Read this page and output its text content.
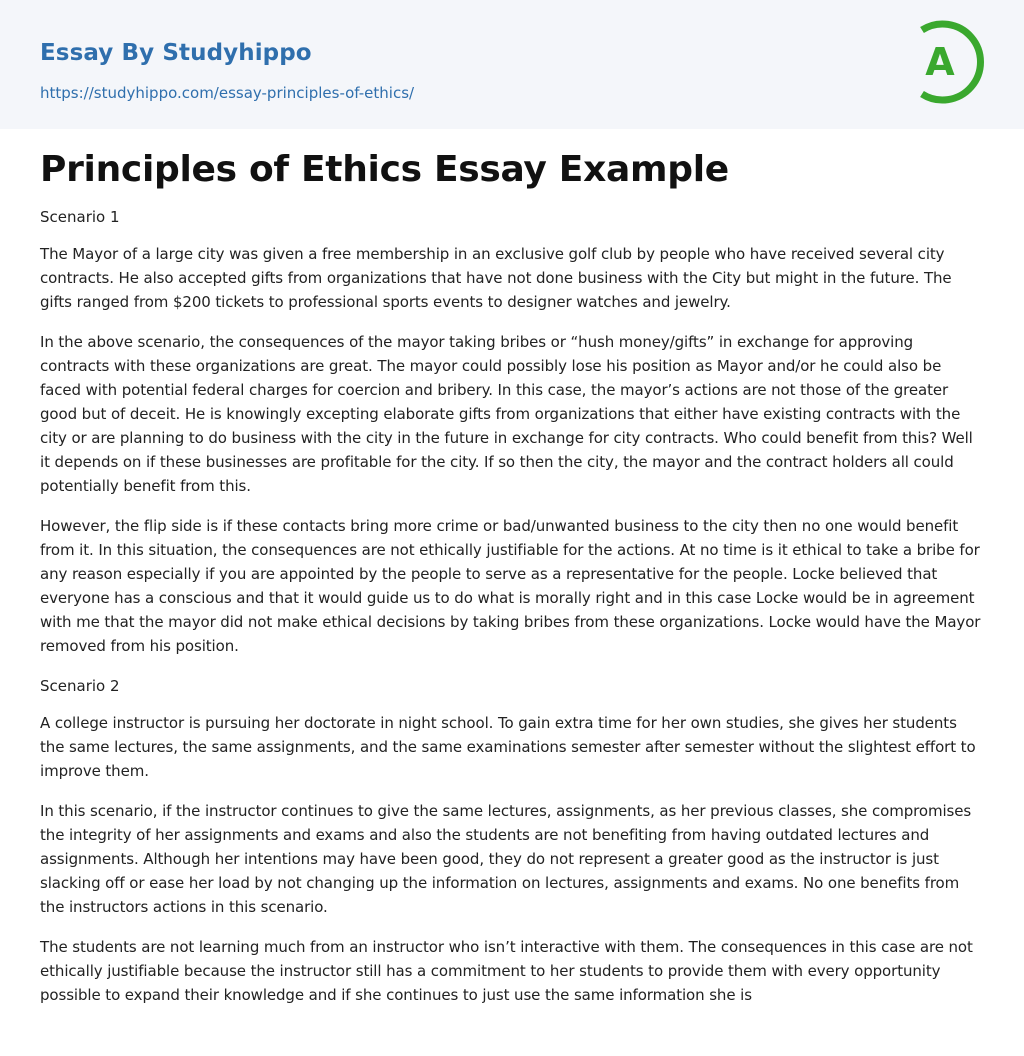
Essay By Studyhippo
https://studyhippo.com/essay-principles-of-ethics/
A
Principles of Ethics Essay Example
Scenario 1

The Mayor of a large city was given a free membership in an exclusive golf club by people who have received several city contracts. He also accepted gifts from organizations that have not done business with the City but might in the future. The gifts ranged from $200 tickets to professional sports events to designer watches and jewelry.

In the above scenario, the consequences of the mayor taking bribes or “hush money/gifts” in exchange for approving contracts with these organizations are great. The mayor could possibly lose his position as Mayor and/or he could also be faced with potential federal charges for coercion and bribery. In this case, the mayor’s actions are not those of the greater good but of deceit. He is knowingly excepting elaborate gifts from organizations that either have existing contracts with the city or are planning to do business with the city in the future in exchange for city contracts. Who could benefit from this? Well it depends on if these businesses are profitable for the city. If so then the city, the mayor and the contract holders all could potentially benefit from this.

However, the flip side is if these contacts bring more crime or bad/unwanted business to the city then no one would benefit from it. In this situation, the consequences are not ethically justifiable for the actions. At no time is it ethical to take a bribe for any reason especially if you are appointed by the people to serve as a representative for the people. Locke believed that everyone has a conscious and that it would guide us to do what is morally right and in this case Locke would be in agreement with me that the mayor did not make ethical decisions by taking bribes from these organizations. Locke would have the Mayor removed from his position.

Scenario 2

A college instructor is pursuing her doctorate in night school. To gain extra time for her own studies, she gives her students the same lectures, the same assignments, and the same examinations semester after semester without the slightest effort to improve them.

In this scenario, if the instructor continues to give the same lectures, assignments, as her previous classes, she compromises the integrity of her assignments and exams and also the students are not benefiting from having outdated lectures and assignments. Although her intentions may have been good, they do not represent a greater good as the instructor is just slacking off or ease her load by not changing up the information on lectures, assignments and exams. No one benefits from the instructors actions in this scenario.

The students are not learning much from an instructor who isn’t interactive with them. The consequences in this case are not ethically justifiable because the instructor still has a commitment to her students to provide them with every opportunity possible to expand their knowledge and if she continues to just use the same information she is
